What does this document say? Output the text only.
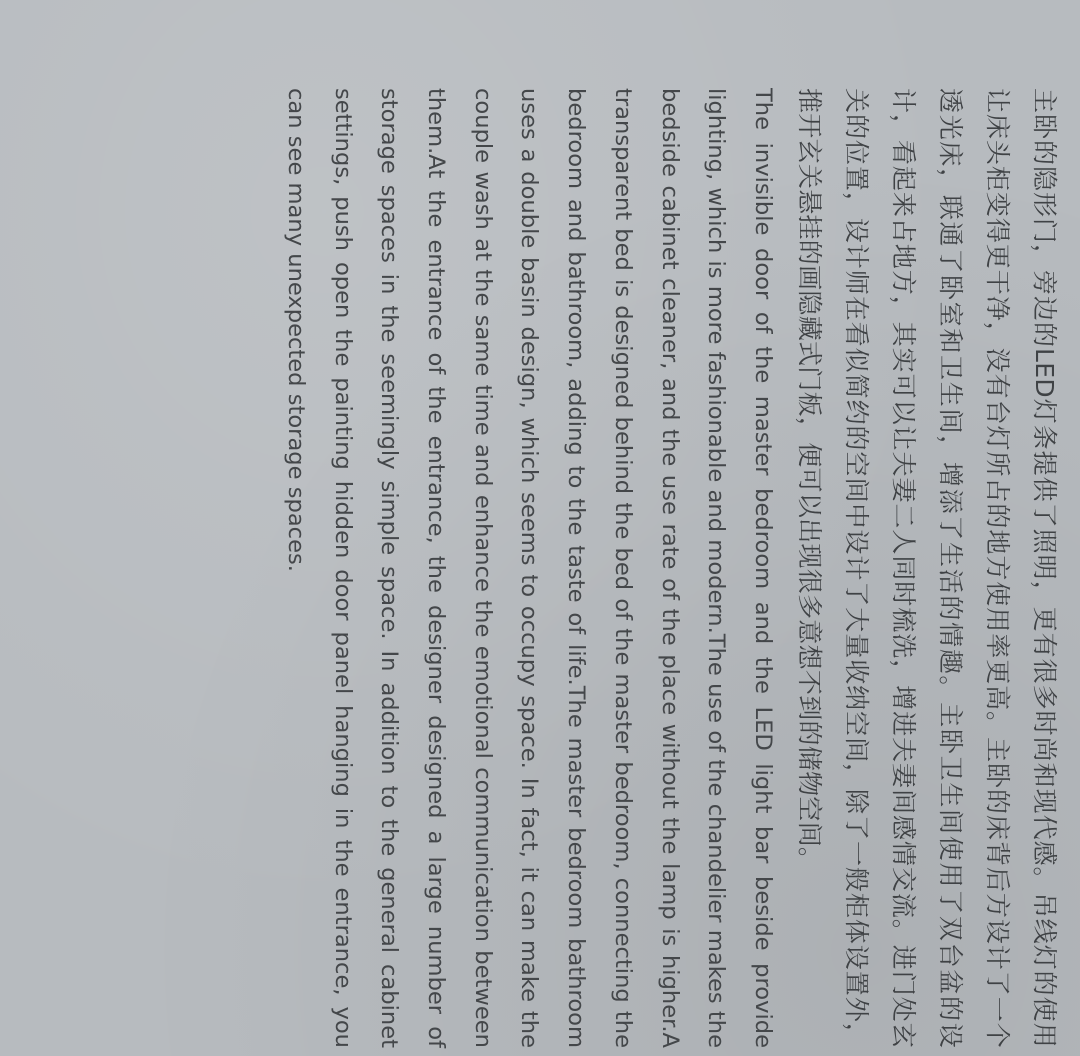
主卧的隐形门，旁边的LED灯条提供了照明，更有很多时尚和现代感。吊线灯的使用让床头柜变得更干净，没有台灯所占的地方使用率更高。主卧的床背后方设计了一个透光床，联通了卧室和卫生间，增添了生活的情趣。主卧卫生间使用了双台盆的设计，看起来占地方，其实可以让夫妻二人同时梳洗，增进夫妻间感情交流。进门处玄关的位置，设计师在看似简约的空间中设计了大量收纳空间，除了一般柜体设置外，推开玄关悬挂的画隐藏式门板，便可以出现很多意想不到的储物空间。

The invisible door of the master bedroom and the LED light bar beside provide lighting, which is more fashionable and modern.The use of the chandelier makes the bedside cabinet cleaner, and the use rate of the place without the lamp is higher.A transparent bed is designed behind the bed of the master bedroom, connecting the bedroom and bathroom, adding to the taste of life.The master bedroom bathroom uses a double basin design, which seems to occupy space. In fact, it can make the couple wash at the same time and enhance the emotional communication between them.At the entrance of the entrance, the designer designed a large number of storage spaces in the seemingly simple space. In addition to the general cabinet settings, push open the painting hidden door panel hanging in the entrance, you can see many unexpected storage spaces.
